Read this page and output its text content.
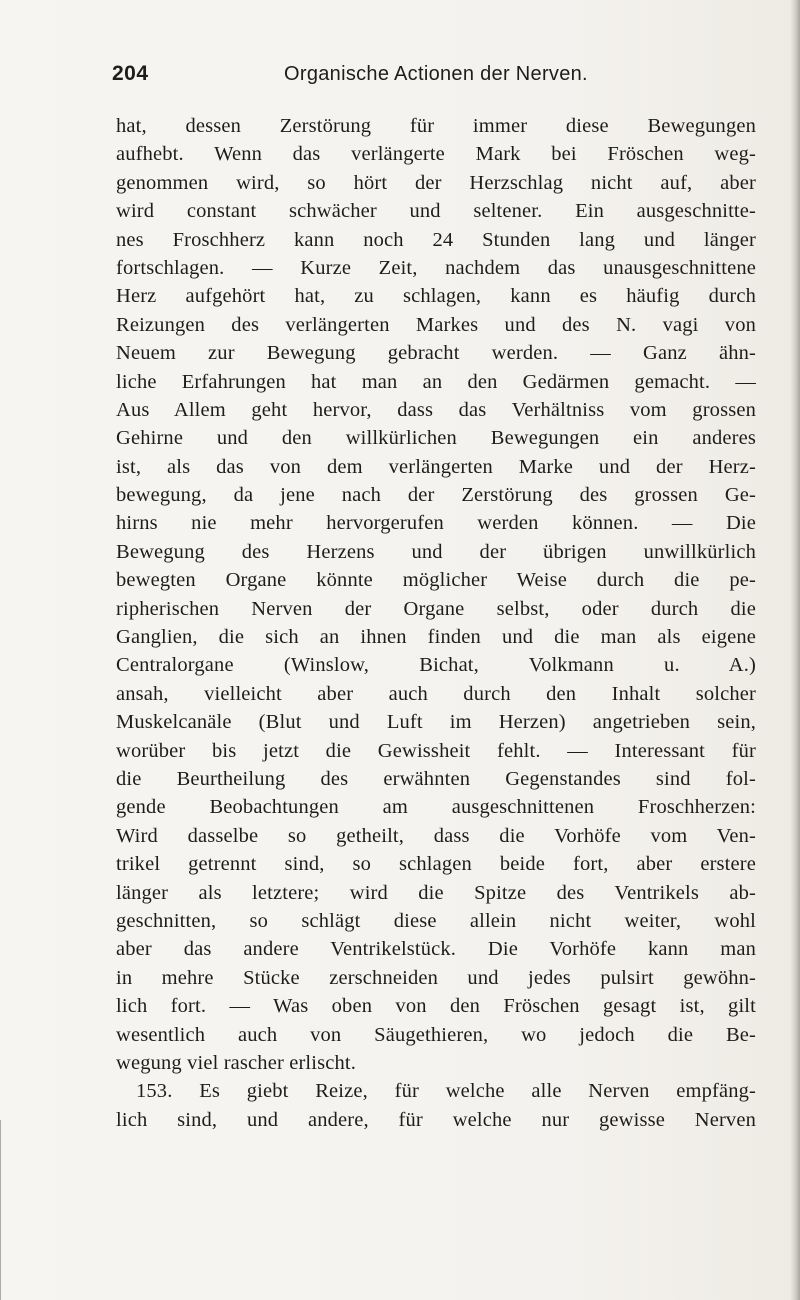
204	Organische Actionen der Nerven.
hat, dessen Zerstörung für immer diese Bewegungen
aufhebt. Wenn das verlängerte Mark bei Fröschen weg-
genommen wird, so hört der Herzschlag nicht auf, aber
wird constant schwächer und seltener. Ein ausgeschnitte-
nes Froschherz kann noch 24 Stunden lang und länger
fortschlagen. — Kurze Zeit, nachdem das unausgeschnittene
Herz aufgehört hat, zu schlagen, kann es häufig durch
Reizungen des verlängerten Markes und des N. vagi von
Neuem zur Bewegung gebracht werden. — Ganz ähn-
liche Erfahrungen hat man an den Gedärmen gemacht. —
Aus Allem geht hervor, dass das Verhältniss vom grossen
Gehirne und den willkürlichen Bewegungen ein anderes
ist, als das von dem verlängerten Marke und der Herz-
bewegung, da jene nach der Zerstörung des grossen Ge-
hirns nie mehr hervorgerufen werden können. — Die
Bewegung des Herzens und der übrigen unwillkürlich
bewegten Organe könnte möglicher Weise durch die pe-
ripherischen Nerven der Organe selbst, oder durch die
Ganglien, die sich an ihnen finden und die man als eigene
Centralorgane (Winslow, Bichat, Volkmann u. A.)
ansah, vielleicht aber auch durch den Inhalt solcher
Muskelcanäle (Blut und Luft im Herzen) angetrieben sein,
worüber bis jetzt die Gewissheit fehlt. — Interessant für
die Beurtheilung des erwähnten Gegenstandes sind fol-
gende Beobachtungen am ausgeschnittenen Froschherzen:
Wird dasselbe so getheilt, dass die Vorhöfe vom Ven-
trikel getrennt sind, so schlagen beide fort, aber erstere
länger als letztere; wird die Spitze des Ventrikels ab-
geschnitten, so schlägt diese allein nicht weiter, wohl
aber das andere Ventrikelstück. Die Vorhöfe kann man
in mehre Stücke zerschneiden und jedes pulsirt gewöhn-
lich fort. — Was oben von den Fröschen gesagt ist, gilt
wesentlich auch von Säugethieren, wo jedoch die Be-
wegung viel rascher erlischt.
153. Es giebt Reize, für welche alle Nerven empfäng-
lich sind, und andere, für welche nur gewisse Nerven
